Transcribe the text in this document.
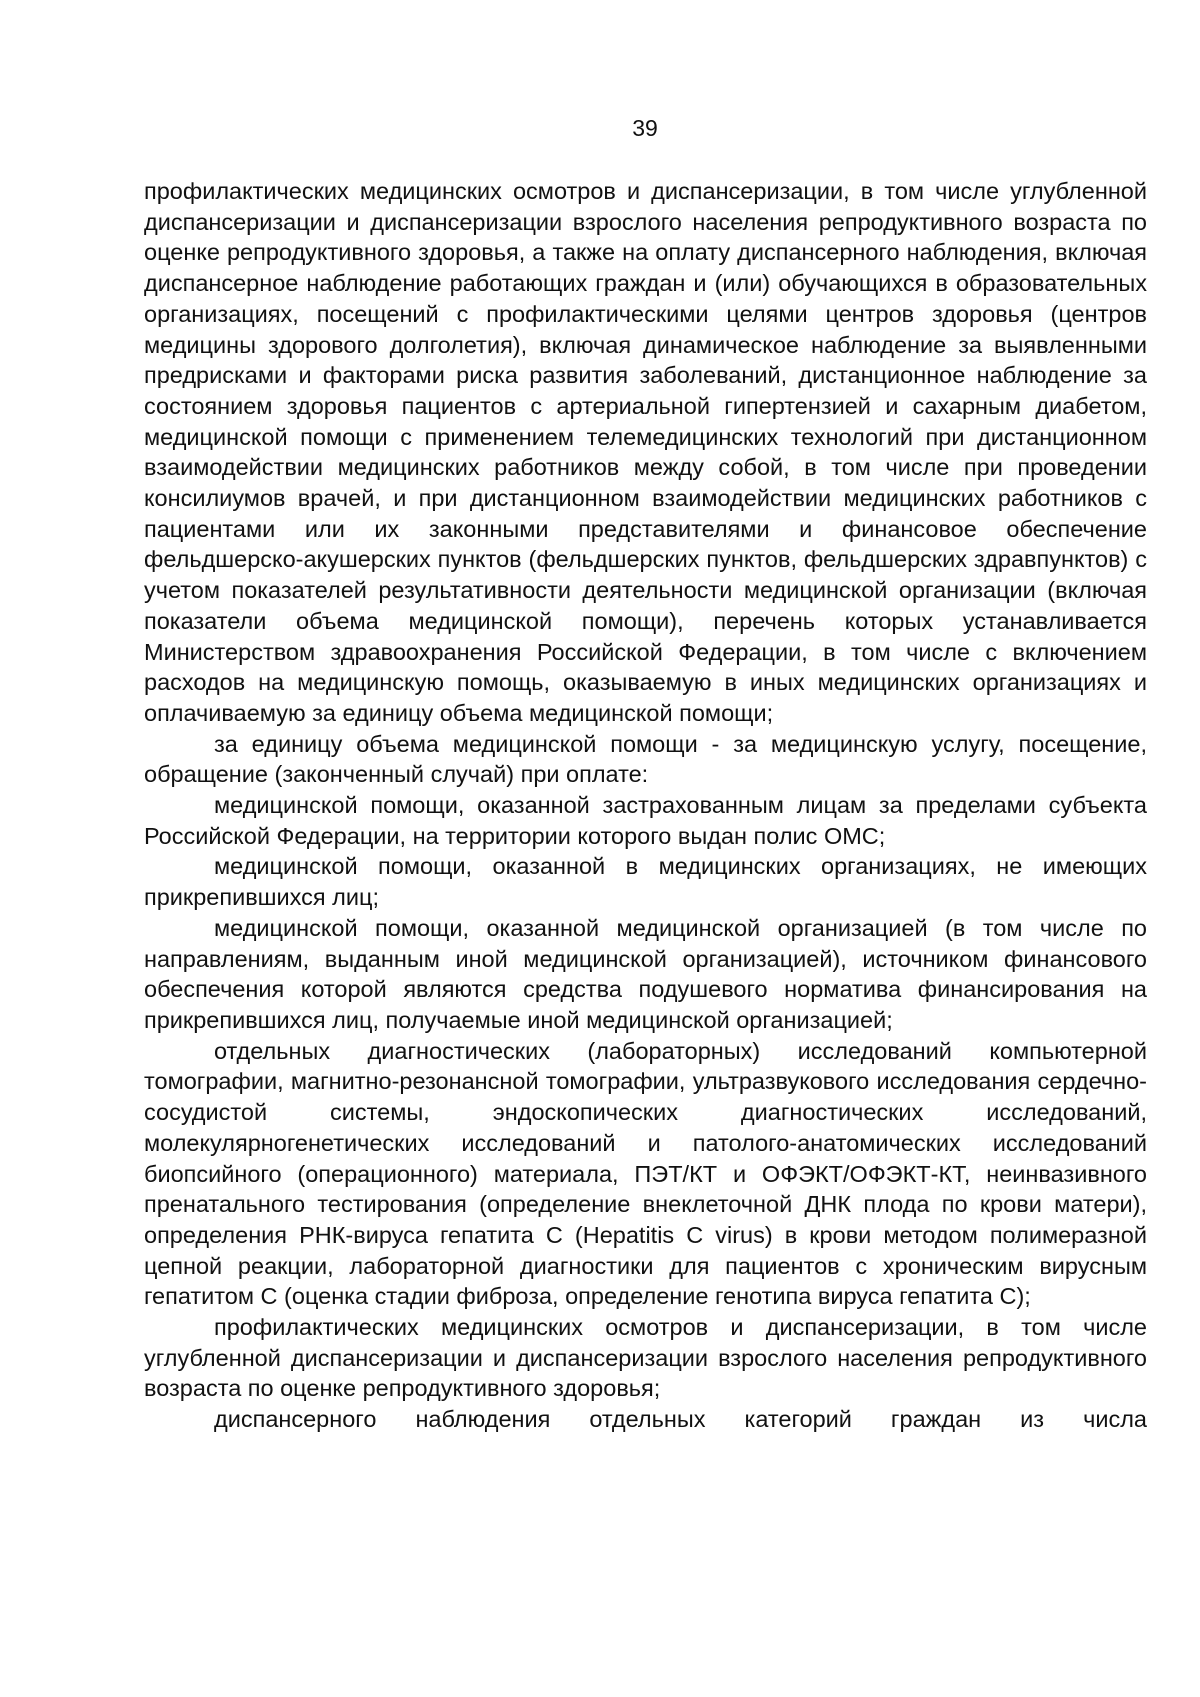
39

профилактических медицинских осмотров и диспансеризации, в том числе углубленной диспансеризации и диспансеризации взрослого населения репродуктивного возраста по оценке репродуктивного здоровья, а также на оплату диспансерного наблюдения, включая диспансерное наблюдение работающих граждан и (или) обучающихся в образовательных организациях, посещений с профилактическими целями центров здоровья (центров медицины здорового долголетия), включая динамическое наблюдение за выявленными предрисками и факторами риска развития заболеваний, дистанционное наблюдение за состоянием здоровья пациентов с артериальной гипертензией и сахарным диабетом, медицинской помощи с применением телемедицинских технологий при дистанционном взаимодействии медицинских работников между собой, в том числе при проведении консилиумов врачей, и при дистанционном взаимодействии медицинских работников с пациентами или их законными представителями и финансовое обеспечение фельдшерско-акушерских пунктов (фельдшерских пунктов, фельдшерских здравпунктов) с учетом показателей результативности деятельности медицинской организации (включая показатели объема медицинской помощи), перечень которых устанавливается Министерством здравоохранения Российской Федерации, в том числе с включением расходов на медицинскую помощь, оказываемую в иных медицинских организациях и оплачиваемую за единицу объема медицинской помощи;

за единицу объема медицинской помощи - за медицинскую услугу, посещение, обращение (законченный случай) при оплате:

медицинской помощи, оказанной застрахованным лицам за пределами субъекта Российской Федерации, на территории которого выдан полис ОМС;

медицинской помощи, оказанной в медицинских организациях, не имеющих прикрепившихся лиц;

медицинской помощи, оказанной медицинской организацией (в том числе по направлениям, выданным иной медицинской организацией), источником финансового обеспечения которой являются средства подушевого норматива финансирования на прикрепившихся лиц, получаемые иной медицинской организацией;

отдельных диагностических (лабораторных) исследований компьютерной томографии, магнитно-резонансной томографии, ультразвукового исследования сердечно-сосудистой системы, эндоскопических диагностических исследований, молекулярногенетических исследований и патолого-анатомических исследований биопсийного (операционного) материала, ПЭТ/КТ и ОФЭКТ/ОФЭКТ-КТ, неинвазивного пренатального тестирования (определение внеклеточной ДНК плода по крови матери), определения РНК-вируса гепатита С (Hepatitis C virus) в крови методом полимеразной цепной реакции, лабораторной диагностики для пациентов с хроническим вирусным гепатитом С (оценка стадии фиброза, определение генотипа вируса гепатита С);

профилактических медицинских осмотров и диспансеризации, в том числе углубленной диспансеризации и диспансеризации взрослого населения репродуктивного возраста по оценке репродуктивного здоровья;

диспансерного наблюдения отдельных категорий граждан из числа
